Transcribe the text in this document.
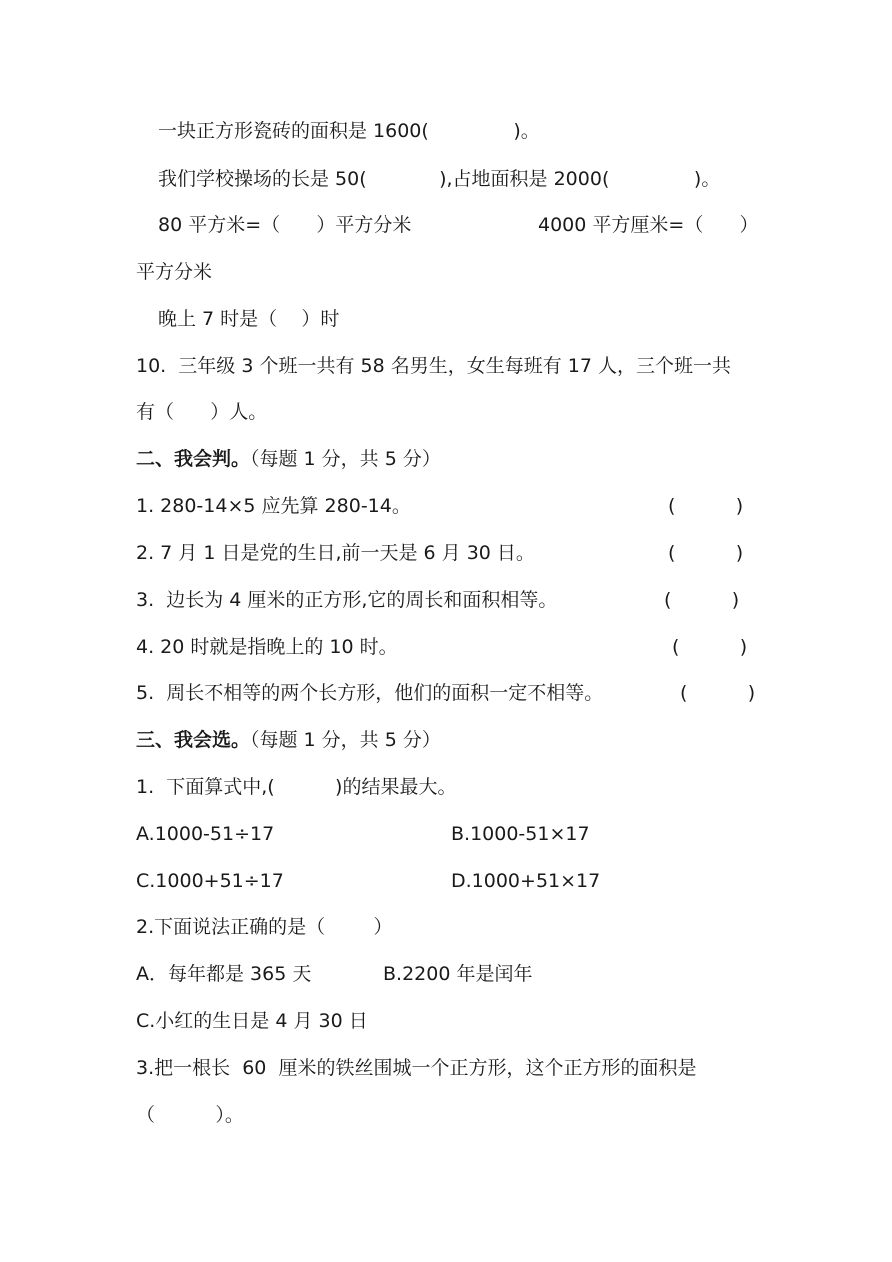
一块正方形瓷砖的面积是 1600(              )。
我们学校操场的长是 50(            ),占地面积是 2000(              )。
80 平方米=（      ）平方分米	4000 平方厘米=（      ）
平方分米
晚上 7 时是（    ）时
10.  三年级 3 个班一共有 58 名男生，女生每班有 17 人，三个班一共
有（      ）人。
二、我会判。（每题 1 分，共 5 分）
1. 280-14×5 应先算 280-14。	(          )
2. 7 月 1 日是党的生日,前一天是 6 月 30 日。	(          )
3.  边长为 4 厘米的正方形,它的周长和面积相等。	(          )
4. 20 时就是指晚上的 10 时。	(          )
5.  周长不相等的两个长方形，他们的面积一定不相等。	(          )
三、我会选。（每题 1 分，共 5 分）
1.  下面算式中,(          )的结果最大。
A.1000-51÷17	B.1000-51×17
C.1000+51÷17	D.1000+51×17
2.下面说法正确的是（        ）
A．每年都是 365 天	B.2200 年是闰年
C.小红的生日是 4 月 30 日
3.把一根长  60  厘米的铁丝围城一个正方形，这个正方形的面积是
（          ）。
